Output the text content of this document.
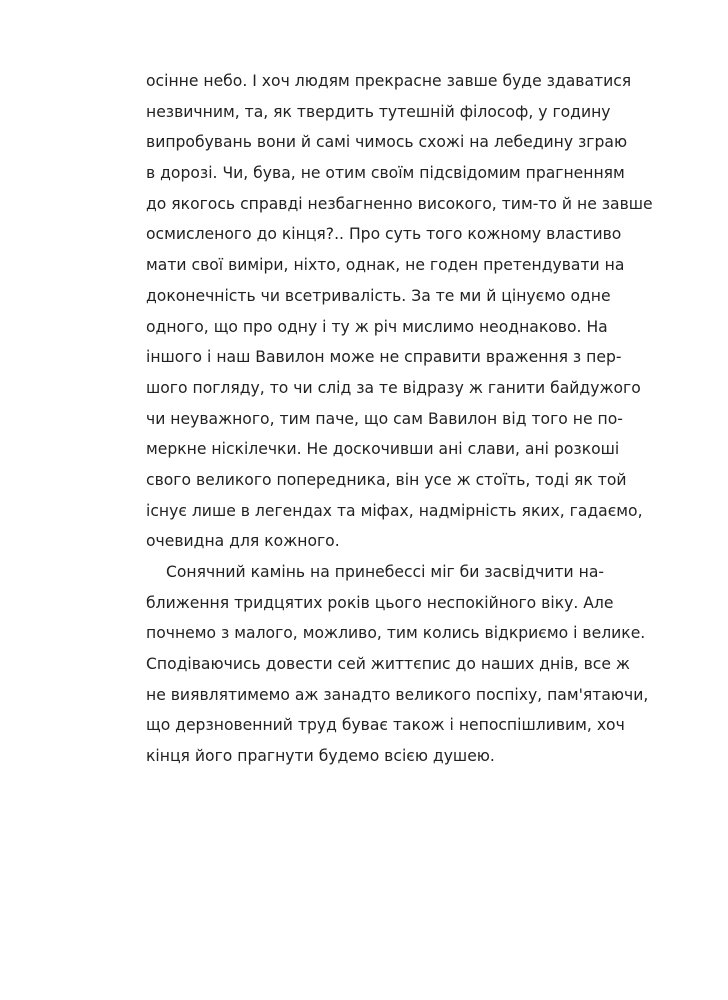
осінне небо. І хоч людям прекрасне завше буде здаватися
незвичним, та, як твердить тутешній філософ, у годину
випробувань вони й самі чимось схожі на лебедину зграю
в дорозі. Чи, бува, не отим своїм підсвідомим прагненням
до якогось справді незбагненно високого, тим-то й не завше
осмисленого до кінця?.. Про суть того кожному властиво
мати свої виміри, ніхто, однак, не годен претендувати на
доконечність чи всетривалість. За те ми й цінуємо одне
одного, що про одну і ту ж річ мислимо неоднаково. На
іншого і наш Вавилон може не справити враження з пер-
шого погляду, то чи слід за те відразу ж ганити байдужого
чи неуважного, тим паче, що сам Вавилон від того не по-
меркне ніскілечки. Не доскочивши ані слави, ані розкоші
свого великого попередника, він усе ж стоїть, тоді як той
існує лише в легендах та міфах, надмірність яких, гадаємо,
очевидна для кожного.
Сонячний камінь на принебессі міг би засвідчити на-
ближення тридцятих років цього неспокійного віку. Але
почнемо з малого, можливо, тим колись відкриємо і велике.
Сподіваючись довести сей життєпис до наших днів, все ж
не виявлятимемо аж занадто великого поспіху, пам'ятаючи,
що дерзновенний труд буває також і непоспішливим, хоч
кінця його прагнути будемо всією душею.
